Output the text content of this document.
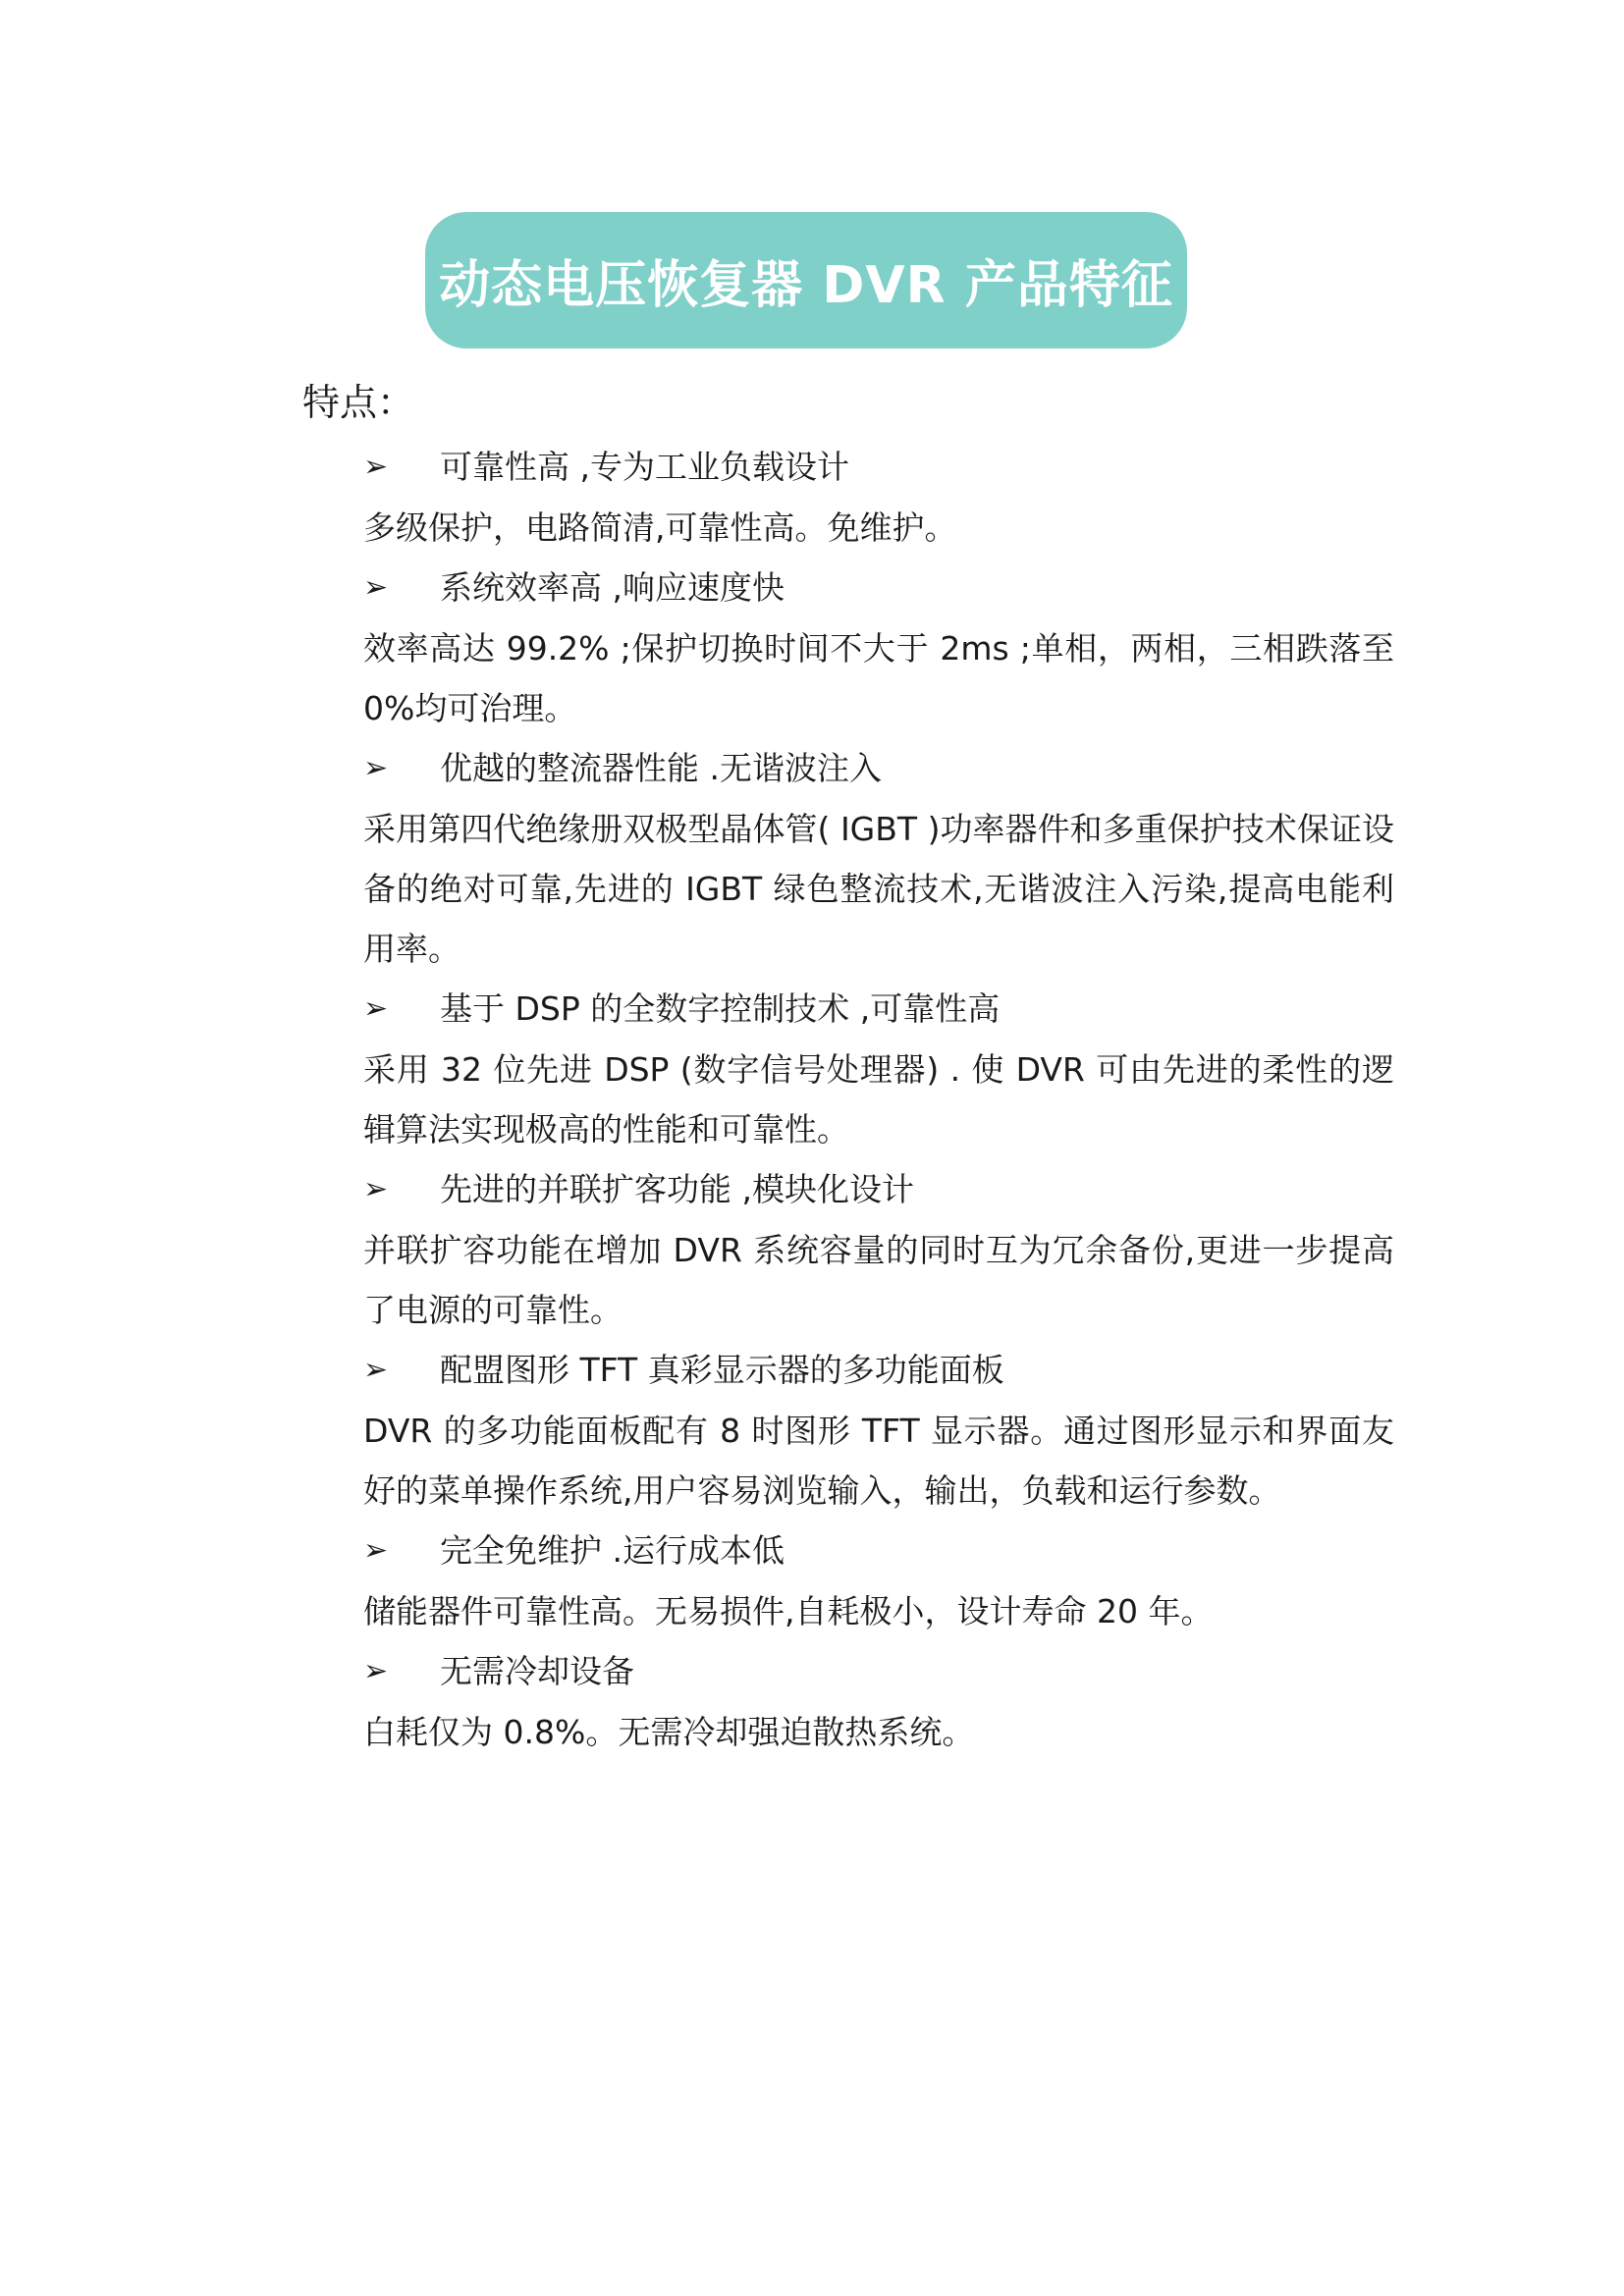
动态电压恢复器 DVR 产品特征
特点：
➢	可靠性高 ,专为工业负载设计

多级保护，电路简清,可靠性高。免维护。

➢	系统效率高 ,响应速度快

效率高达 99.2% ;保护切换时间不大于 2ms ;单相，两相，三相跌落至 0%均可治理。

➢	优越的整流器性能 .无谐波注入

采用第四代绝缘册双极型晶体管( IGBT )功率器件和多重保护技术保证设备的绝对可靠,先进的 IGBT 绿色整流技术,无谐波注入污染,提高电能利用率。

➢	基于 DSP 的全数字控制技术 ,可靠性高

采用 32 位先进 DSP (数字信号处理器) . 使 DVR 可由先进的柔性的逻辑算法实现极高的性能和可靠性。

➢	先进的并联扩客功能 ,模块化设计

并联扩容功能在增加 DVR 系统容量的同时互为冗余备份,更进一步提高了电源的可靠性。

➢	配盟图形 TFT 真彩显示器的多功能面板

DVR 的多功能面板配有 8 时图形 TFT 显示器。通过图形显示和界面友好的菜单操作系统,用户容易浏览输入，输出，负载和运行参数。

➢	完全免维护 .运行成本低

储能器件可靠性高。无易损件,自耗极小，设计寿命 20 年。

➢	无需冷却设备

白耗仅为 0.8%。无需冷却强迫散热系统。
